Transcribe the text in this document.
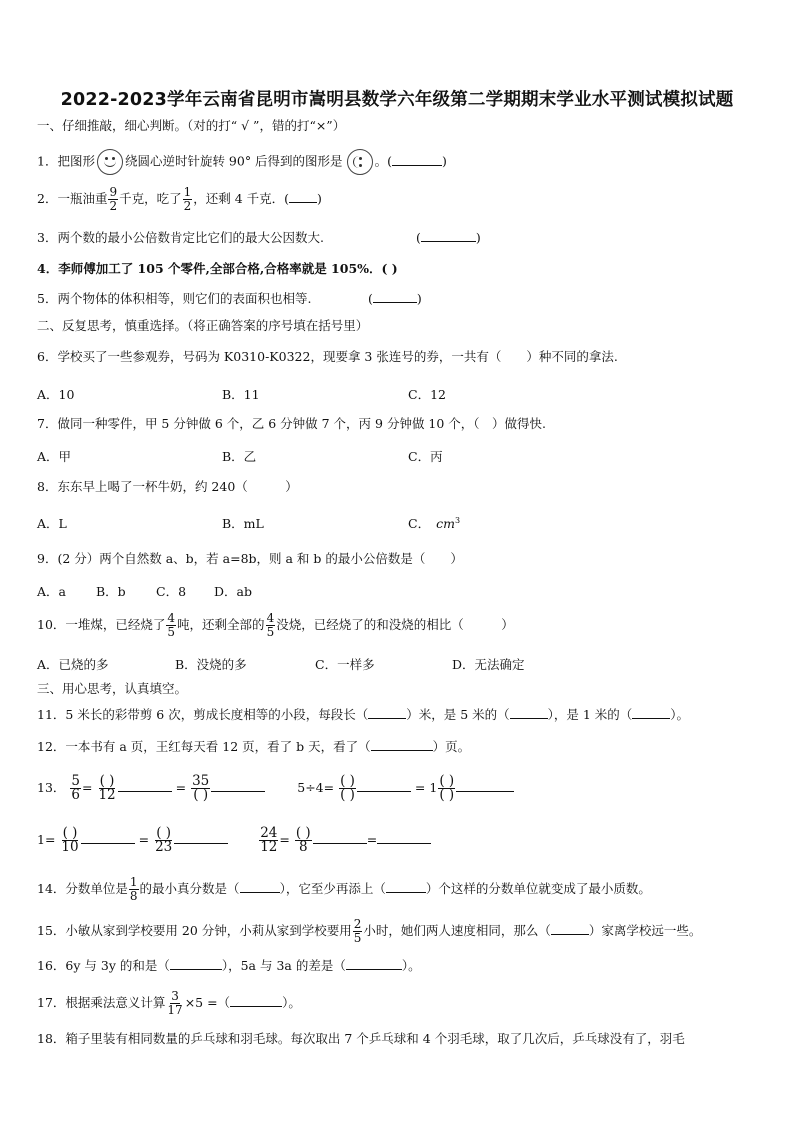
2022-2023学年云南省昆明市嵩明县数学六年级第二学期期末学业水平测试模拟试题
一、仔细推敲，细心判断。（对的打“ √ ”，错的打“×”）
1．把图形 绕圆心逆时针旋转 90° 后得到的图形是	。(	)
2．一瓶油重 $\frac{9}{2}$ 千克，吃了 $\frac{1}{2}$ ，还剩 4 千克．( )
3．两个数的最小公倍数肯定比它们的最大公因数大.	(	)
4．李师傅加工了 105 个零件,全部合格,合格率就是 105%．( )
5．两个物体的体积相等，则它们的表面积也相等.	(	)
二、反复思考，慎重选择。（将正确答案的序号填在括号里）
6．学校买了一些参观券，号码为 K0310-K0322，现要拿 3 张连号的券，一共有（　　）种不同的拿法.
A．10	B．11	C．12
7．做同一种零件，甲 5 分钟做 6 个，乙 6 分钟做 7 个，丙 9 分钟做 10 个，（　）做得快.
A．甲	B．乙	C．丙
8．东东早上喝了一杯牛奶，约 240（　　　）
A．L	B．mL	C． $cm^3$
9．(2 分）两个自然数 a、b，若 a=8b，则 a 和 b 的最小公倍数是（　　）
A．a B．b C．8 D．ab
10．一堆煤，已经烧了 $\frac{4}{5}$ 吨，还剩全部的 $\frac{4}{5}$ 没烧，已经烧了的和没烧的相比（　　　）
A．已烧的多	B．没烧的多	C．一样多	D．无法确定
三、用心思考，认真填空。
11．5 米长的彩带剪 6 次，剪成长度相等的小段，每段长（	）米，是 5 米的（	），是 1 米的（	）。
12．一本书有 a 页，王红每天看 12 页，看了 b 天，看了（	）页。
13． $\frac{5}{6} = \frac{( )}{12}$	= $\frac{35}{( )}$	$5\div 4= \frac{( )}{( )}$	= $1 \frac{( )}{( )}$
$1= \frac{( )}{10}$	= $\frac{( )}{23}$
	$\frac{24}{12} = \frac{( )}{8}$	=
14．分数单位是 $\frac{1}{8}$ 的最小真分数是（	），它至少再添上（	）个这样的分数单位就变成了最小质数。
15．小敏从家到学校要用 20 分钟，小莉从家到学校要用 $\frac{2}{5}$ 小时，她们两人速度相同，那么（	）家离学校远一些。
16．6y 与 3y 的和是（	），5a 与 3a 的差是（	）。
17．根据乘法意义计算 $\frac{3}{17} \times 5$ =（	）。
18．箱子里装有相同数量的乒乓球和羽毛球。每次取出 7 个乒乓球和 4 个羽毛球，取了几次后，乒乓球没有了，羽毛
